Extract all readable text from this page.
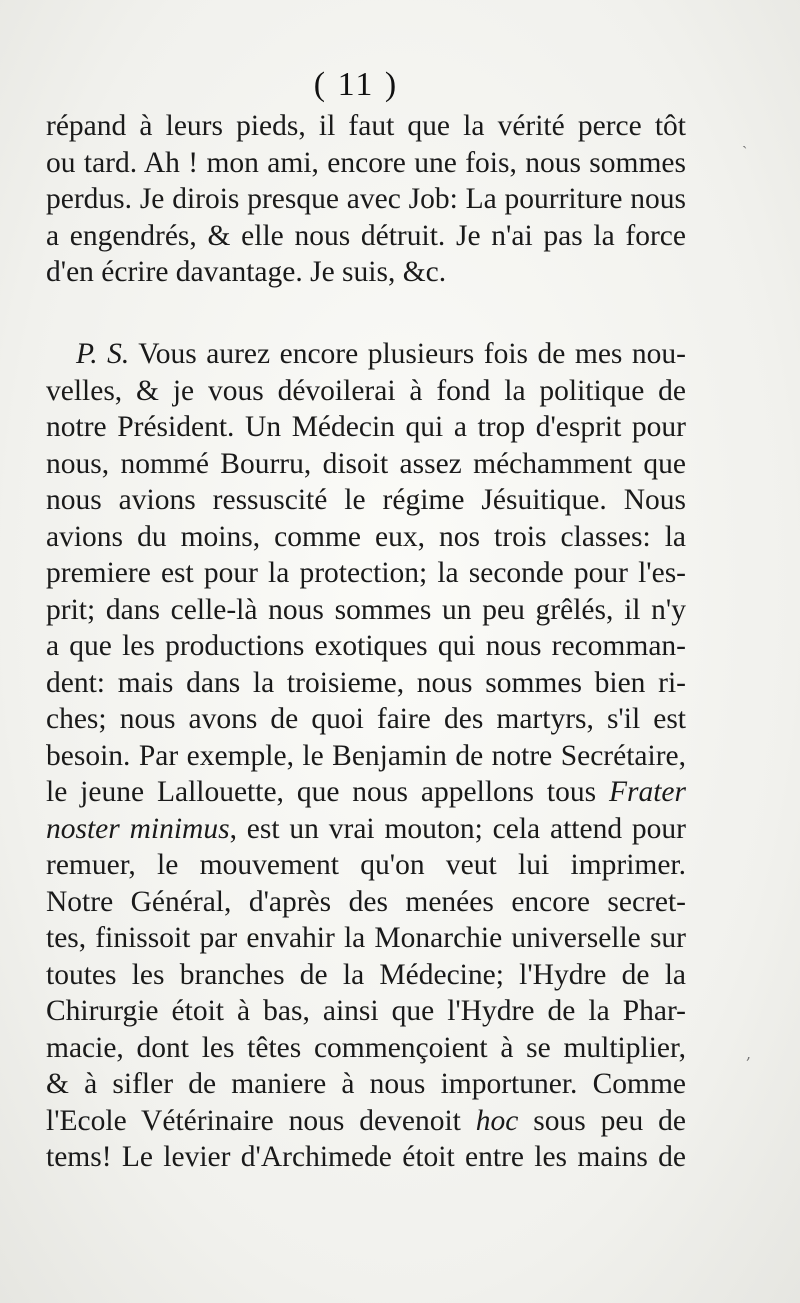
( 11 )
répand à leurs pieds, il faut que la vérité perce tôt
ou tard. Ah ! mon ami, encore une fois, nous sommes
perdus. Je dirois presque avec Job: La pourriture nous
a engendrés, & elle nous détruit. Je n'ai pas la force
d'en écrire davantage. Je suis, &c.
P. S. Vous aurez encore plusieurs fois de mes nou-
velles, & je vous dévoilerai à fond la politique de
notre Président. Un Médecin qui a trop d'esprit pour
nous, nommé Bourru, disoit assez méchamment que
nous avions ressuscité le régime Jésuitique. Nous
avions du moins, comme eux, nos trois classes: la
premiere est pour la protection; la seconde pour l'es-
prit; dans celle-là nous sommes un peu grêlés, il n'y
a que les productions exotiques qui nous recomman-
dent: mais dans la troisieme, nous sommes bien ri-
ches; nous avons de quoi faire des martyrs, s'il est
besoin. Par exemple, le Benjamin de notre Secrétaire,
le jeune Lallouette, que nous appellons tous Frater
noster minimus, est un vrai mouton; cela attend pour
remuer, le mouvement qu'on veut lui imprimer.
Notre Général, d'après des menées encore secret-
tes, finissoit par envahir la Monarchie universelle sur
toutes les branches de la Médecine; l'Hydre de la
Chirurgie étoit à bas, ainsi que l'Hydre de la Phar-
macie, dont les têtes commençoient à se multiplier,
& à sifler de maniere à nous importuner. Comme
l'Ecole Vétérinaire nous devenoit hoc sous peu de
tems! Le levier d'Archimede étoit entre les mains de
ˎ
,
